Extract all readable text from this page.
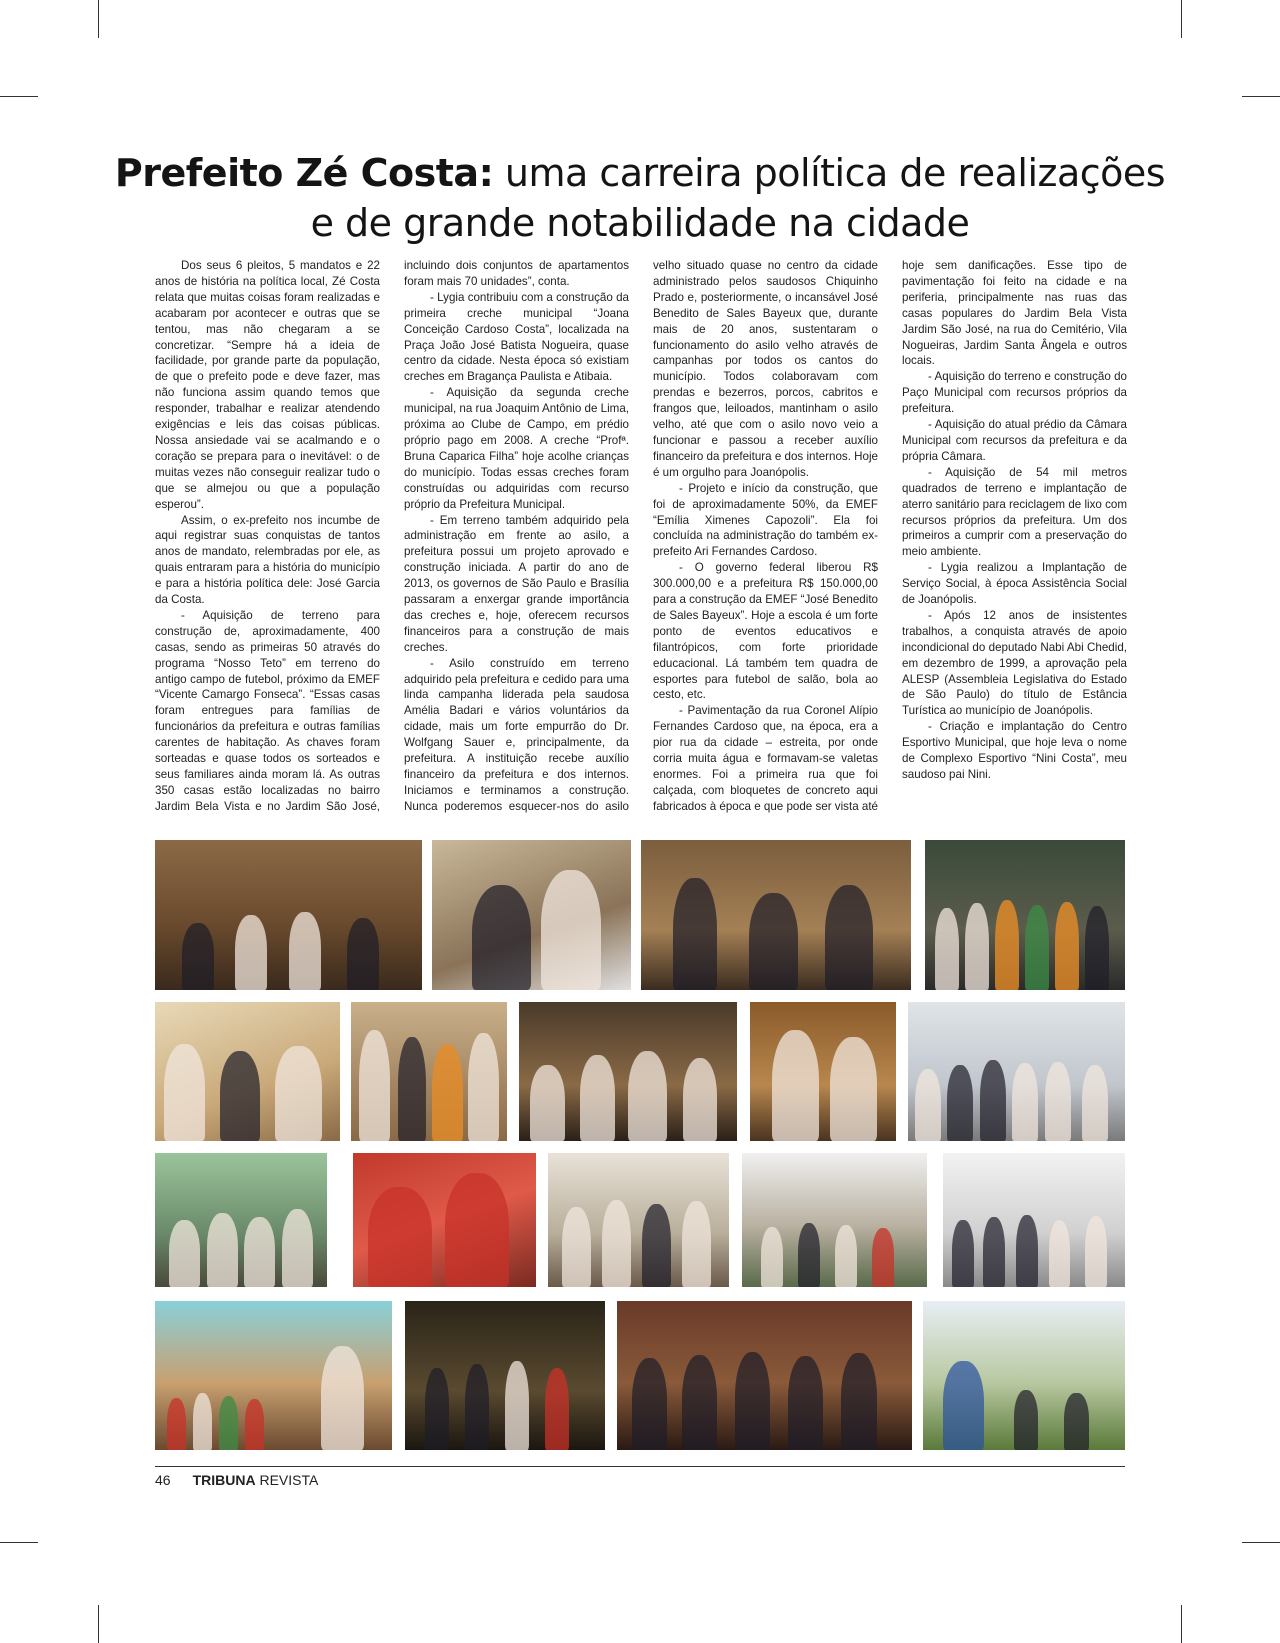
Prefeito Zé Costa: uma carreira política de realizações e de grande notabilidade na cidade

Dos seus 6 pleitos, 5 mandatos e 22 anos de história na política local, Zé Costa relata que muitas coisas foram realizadas e acabaram por acontecer e outras que se tentou, mas não chegaram a se concretizar. “Sempre há a ideia de facilidade, por grande parte da população, de que o prefeito pode e deve fazer, mas não funciona assim quando temos que responder, trabalhar e realizar atendendo exigências e leis das coisas públicas. Nossa ansiedade vai se acalmando e o coração se prepara para o inevitável: o de muitas vezes não conseguir realizar tudo o que se almejou ou que a população esperou”.

Assim, o ex-prefeito nos incumbe de aqui registrar suas conquistas de tantos anos de mandato, relembradas por ele, as quais entraram para a história do município e para a história política dele: José Garcia da Costa.

- Aquisição de terreno para construção de, aproximadamente, 400 casas, sendo as primeiras 50 através do programa “Nosso Teto” em terreno do antigo campo de futebol, próximo da EMEF “Vicente Camargo Fonseca”. “Essas casas foram entregues para famílias de funcionários da prefeitura e outras famílias carentes de habitação. As chaves foram sorteadas e quase todos os sorteados e seus familiares ainda moram lá. As outras 350 casas estão localizadas no bairro Jardim Bela Vista e no Jardim São José, incluindo dois conjuntos de apartamentos foram mais 70 unidades”, conta.

- Lygia contribuiu com a construção da primeira creche municipal “Joana Conceição Cardoso Costa”, localizada na Praça João José Batista Nogueira, quase centro da cidade. Nesta época só existiam creches em Bragança Paulista e Atibaia.

- Aquisição da segunda creche municipal, na rua Joaquim Antônio de Lima, próxima ao Clube de Campo, em prédio próprio pago em 2008. A creche “Profª. Bruna Caparica Filha” hoje acolhe crianças do município. Todas essas creches foram construídas ou adquiridas com recurso próprio da Prefeitura Municipal.

- Em terreno também adquirido pela administração em frente ao asilo, a prefeitura possui um projeto aprovado e construção iniciada. A partir do ano de 2013, os governos de São Paulo e Brasília passaram a enxergar grande importância das creches e, hoje, oferecem recursos financeiros para a construção de mais creches.

- Asilo construído em terreno adquirido pela prefeitura e cedido para uma linda campanha liderada pela saudosa Amélia Badari e vários voluntários da cidade, mais um forte empurrão do Dr. Wolfgang Sauer e, principalmente, da prefeitura. A instituição recebe auxílio financeiro da prefeitura e dos internos. Iniciamos e terminamos a construção. Nunca poderemos esquecer-nos do asilo velho situado quase no centro da cidade administrado pelos saudosos Chiquinho Prado e, posteriormente, o incansável José Benedito de Sales Bayeux que, durante mais de 20 anos, sustentaram o funcionamento do asilo velho através de campanhas por todos os cantos do município. Todos colaboravam com prendas e bezerros, porcos, cabritos e frangos que, leiloados, mantinham o asilo velho, até que com o asilo novo veio a funcionar e passou a receber auxílio financeiro da prefeitura e dos internos. Hoje é um orgulho para Joanópolis.

- Projeto e início da construção, que foi de aproximadamente 50%, da EMEF “Emília Ximenes Capozoli”. Ela foi concluída na administração do também ex-prefeito Ari Fernandes Cardoso.

- O governo federal liberou R$ 300.000,00 e a prefeitura R$ 150.000,00 para a construção da EMEF “José Benedito de Sales Bayeux”. Hoje a escola é um forte ponto de eventos educativos e filantrópicos, com forte prioridade educacional. Lá também tem quadra de esportes para futebol de salão, bola ao cesto, etc.

- Pavimentação da rua Coronel Alípio Fernandes Cardoso que, na época, era a pior rua da cidade – estreita, por onde corria muita água e formavam-se valetas enormes. Foi a primeira rua que foi calçada, com bloquetes de concreto aqui fabricados à época e que pode ser vista até hoje sem danificações. Esse tipo de pavimentação foi feito na cidade e na periferia, principalmente nas ruas das casas populares do Jardim Bela Vista Jardim São José, na rua do Cemitério, Vila Nogueiras, Jardim Santa Ângela e outros locais.

- Aquisição do terreno e construção do Paço Municipal com recursos próprios da prefeitura.

- Aquisição do atual prédio da Câmara Municipal com recursos da prefeitura e da própria Câmara.

- Aquisição de 54 mil metros quadrados de terreno e implantação de aterro sanitário para reciclagem de lixo com recursos próprios da prefeitura. Um dos primeiros a cumprir com a preservação do meio ambiente.

- Lygia realizou a Implantação de Serviço Social, à época Assistência Social de Joanópolis.

- Após 12 anos de insistentes trabalhos, a conquista através de apoio incondicional do deputado Nabi Abi Chedid, em dezembro de 1999, a aprovação pela ALESP (Assembleia Legislativa do Estado de São Paulo) do título de Estância Turística ao município de Joanópolis.

- Criação e implantação do Centro Esportivo Municipal, que hoje leva o nome de Complexo Esportivo “Nini Costa”, meu saudoso pai Nini.

46 TRIBUNA REVISTA
